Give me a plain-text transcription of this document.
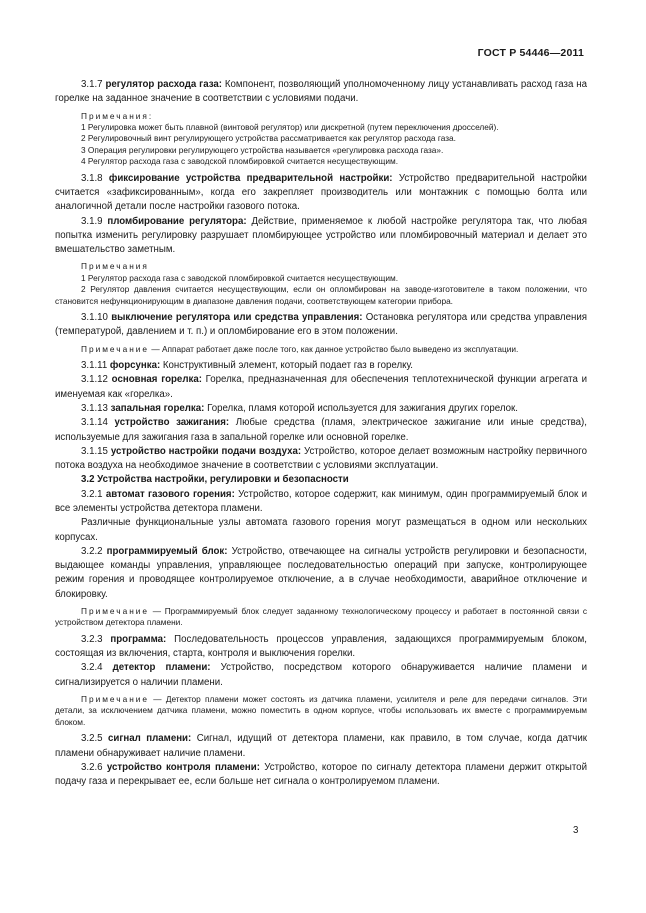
ГОСТ Р 54446—2011

3.1.7 регулятор расхода газа: Компонент, позволяющий уполномоченному лицу устанавливать расход газа на горелке на заданное значение в соответствии с условиями подачи.

Примечания:

1 Регулировка может быть плавной (винтовой регулятор) или дискретной (путем переключения дросселей).

2 Регулировочный винт регулирующего устройства рассматривается как регулятор расхода газа.

3 Операция регулировки регулирующего устройства называется «регулировка расхода газа».

4 Регулятор расхода газа с заводской пломбировкой считается несуществующим.

3.1.8 фиксирование устройства предварительной настройки: Устройство предварительной настройки считается «зафиксированным», когда его закрепляет производитель или монтажник с помощью болта или аналогичной детали после настройки газового потока.

3.1.9 пломбирование регулятора: Действие, применяемое к любой настройке регулятора так, что любая попытка изменить регулировку разрушает пломбирующее устройство или пломбировочный материал и делает это вмешательство заметным.

Примечания

1 Регулятор расхода газа с заводской пломбировкой считается несуществующим.

2 Регулятор давления считается несуществующим, если он опломбирован на заводе-изготовителе в таком положении, что становится нефункционирующим в диапазоне давления подачи, соответствующем категории прибора.

3.1.10 выключение регулятора или средства управления: Остановка регулятора или средства управления (температурой, давлением и т. п.) и опломбирование его в этом положении.

Примечание — Аппарат работает даже после того, как данное устройство было выведено из эксплуатации.

3.1.11 форсунка: Конструктивный элемент, который подает газ в горелку.

3.1.12 основная горелка: Горелка, предназначенная для обеспечения теплотехнической функции агрегата и именуемая как «горелка».

3.1.13 запальная горелка: Горелка, пламя которой используется для зажигания других горелок.

3.1.14 устройство зажигания: Любые средства (пламя, электрическое зажигание или иные средства), используемые для зажигания газа в запальной горелке или основной горелке.

3.1.15 устройство настройки подачи воздуха: Устройство, которое делает возможным настройку первичного потока воздуха на необходимое значение в соответствии с условиями эксплуатации.

3.2 Устройства настройки, регулировки и безопасности

3.2.1 автомат газового горения: Устройство, которое содержит, как минимум, один программируемый блок и все элементы устройства детектора пламени.

Различные функциональные узлы автомата газового горения могут размещаться в одном или нескольких корпусах.

3.2.2 программируемый блок: Устройство, отвечающее на сигналы устройств регулировки и безопасности, выдающее команды управления, управляющее последовательностью операций при запуске, контролирующее режим горения и проводящее контролируемое отключение, а в случае необходимости, аварийное отключение и блокировку.

Примечание — Программируемый блок следует заданному технологическому процессу и работает в постоянной связи с устройством детектора пламени.

3.2.3 программа: Последовательность процессов управления, задающихся программируемым блоком, состоящая из включения, старта, контроля и выключения горелки.

3.2.4 детектор пламени: Устройство, посредством которого обнаруживается наличие пламени и сигнализируется о наличии пламени.

Примечание — Детектор пламени может состоять из датчика пламени, усилителя и реле для передачи сигналов. Эти детали, за исключением датчика пламени, можно поместить в одном корпусе, чтобы использовать их вместе с программируемым блоком.

3.2.5 сигнал пламени: Сигнал, идущий от детектора пламени, как правило, в том случае, когда датчик пламени обнаруживает наличие пламени.

3.2.6 устройство контроля пламени: Устройство, которое по сигналу детектора пламени держит открытой подачу газа и перекрывает ее, если больше нет сигнала о контролируемом пламени.

3
